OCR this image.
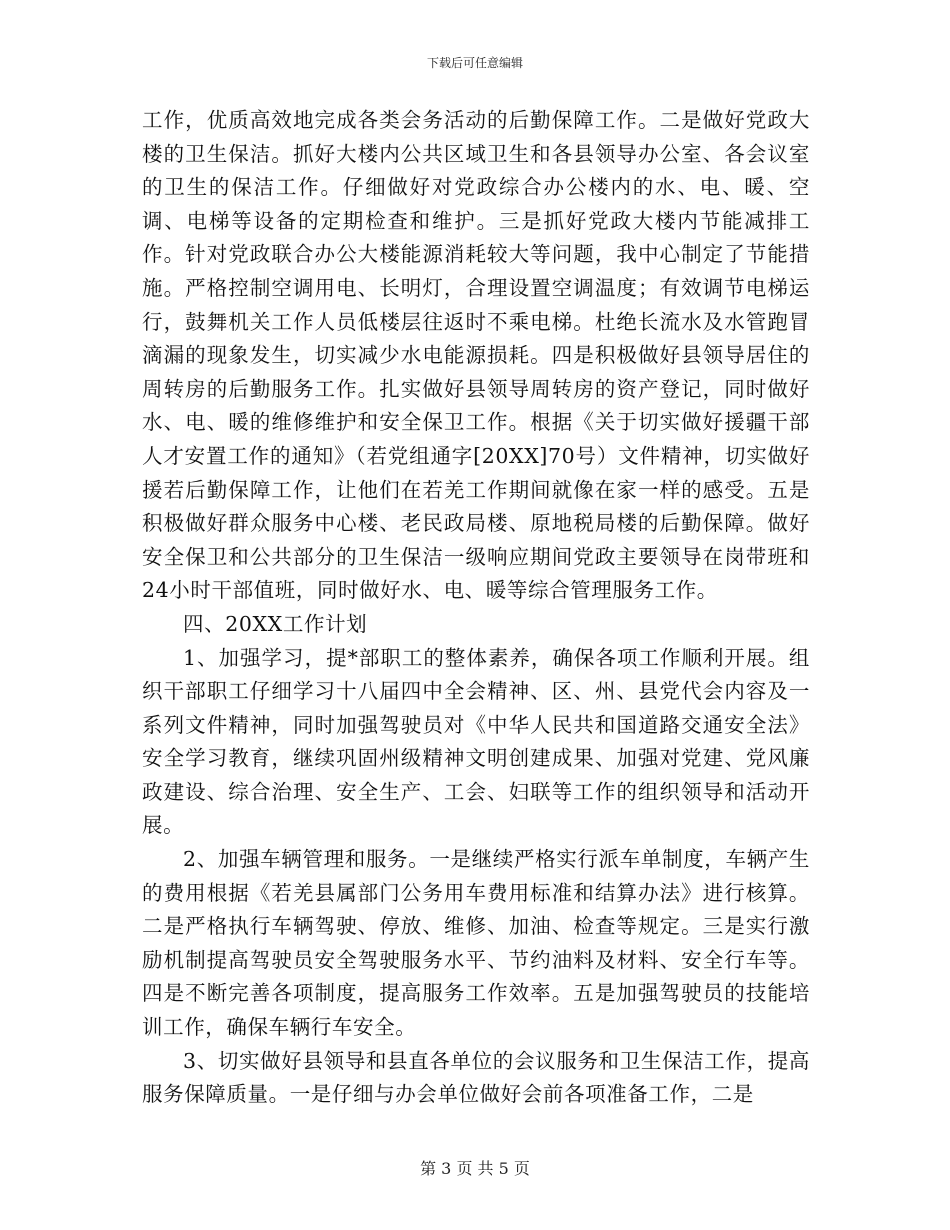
下载后可任意编辑

工作，优质高效地完成各类会务活动的后勤保障工作。二是做好党政大楼的卫生保洁。抓好大楼内公共区域卫生和各县领导办公室、各会议室的卫生的保洁工作。仔细做好对党政综合办公楼内的水、电、暖、空调、电梯等设备的定期检查和维护。三是抓好党政大楼内节能减排工作。针对党政联合办公大楼能源消耗较大等问题，我中心制定了节能措施。严格控制空调用电、长明灯，合理设置空调温度；有效调节电梯运行，鼓舞机关工作人员低楼层往返时不乘电梯。杜绝长流水及水管跑冒滴漏的现象发生，切实减少水电能源损耗。四是积极做好县领导居住的周转房的后勤服务工作。扎实做好县领导周转房的资产登记，同时做好水、电、暖的维修维护和安全保卫工作。根据《关于切实做好援疆干部人才安置工作的通知》（若党组通字[20XX]70号）文件精神，切实做好援若后勤保障工作，让他们在若羌工作期间就像在家一样的感受。五是积极做好群众服务中心楼、老民政局楼、原地税局楼的后勤保障。做好安全保卫和公共部分的卫生保洁一级响应期间党政主要领导在岗带班和24小时干部值班，同时做好水、电、暖等综合管理服务工作。

四、20XX工作计划

1、加强学习，提*部职工的整体素养，确保各项工作顺利开展。组织干部职工仔细学习十八届四中全会精神、区、州、县党代会内容及一系列文件精神，同时加强驾驶员对《中华人民共和国道路交通安全法》安全学习教育，继续巩固州级精神文明创建成果、加强对党建、党风廉政建设、综合治理、安全生产、工会、妇联等工作的组织领导和活动开展。

2、加强车辆管理和服务。一是继续严格实行派车单制度，车辆产生的费用根据《若羌县属部门公务用车费用标准和结算办法》进行核算。二是严格执行车辆驾驶、停放、维修、加油、检查等规定。三是实行激励机制提高驾驶员安全驾驶服务水平、节约油料及材料、安全行车等。四是不断完善各项制度，提高服务工作效率。五是加强驾驶员的技能培训工作，确保车辆行车安全。

3、切实做好县领导和县直各单位的会议服务和卫生保洁工作，提高服务保障质量。一是仔细与办会单位做好会前各项准备工作，二是

第 3 页 共 5 页
